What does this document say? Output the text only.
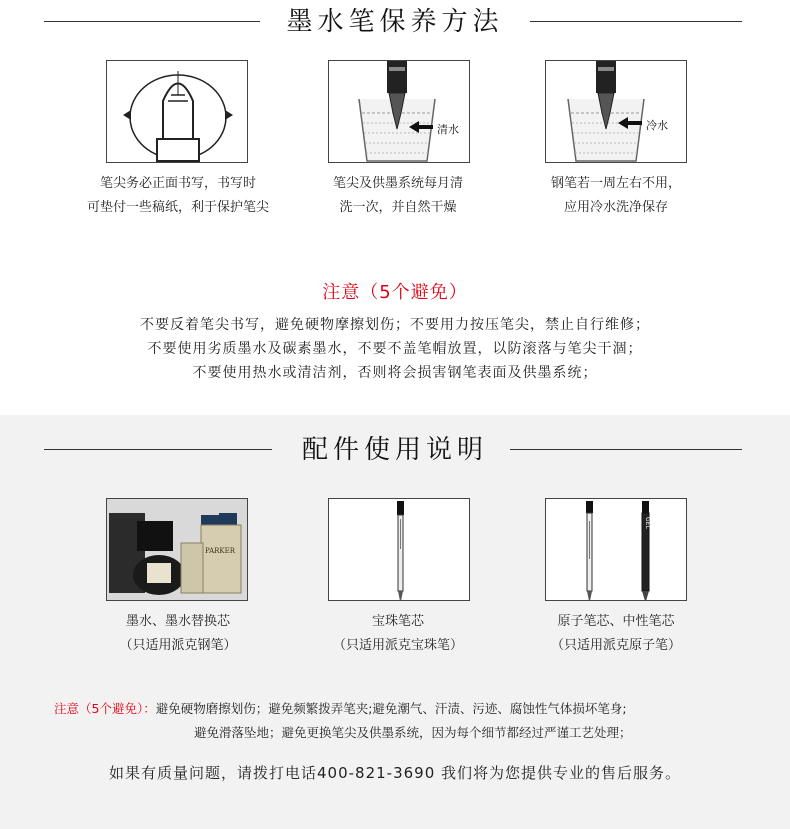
墨水笔保养方法
清水	冷水
笔尖务必正面书写，书写时
可垫付一些稿纸，利于保护笔尖
笔尖及供墨系统每月清
洗一次，并自然干燥
钢笔若一周左右不用，
应用冷水洗净保存
注意（5个避免）
不要反着笔尖书写，避免硬物摩擦划伤；不要用力按压笔尖，禁止自行维修；
不要使用劣质墨水及碳素墨水，不要不盖笔帽放置，以防滚落与笔尖干涸；
不要使用热水或清洁剂，否则将会损害钢笔表面及供墨系统；
配件使用说明
PARKER
GEL
墨水、墨水替换芯
（只适用派克钢笔）
宝珠笔芯
（只适用派克宝珠笔）
原子笔芯、中性笔芯
（只适用派克原子笔）
注意（5个避免）：避免硬物磨擦划伤；避免频繁拨弄笔夹;避免潮气、汗渍、污迹、腐蚀性气体损坏笔身;
避免滑落坠地；避免更换笔尖及供墨系统，因为每个细节都经过严谨工艺处理；
如果有质量问题，请拨打电话400-821-3690 我们将为您提供专业的售后服务。
